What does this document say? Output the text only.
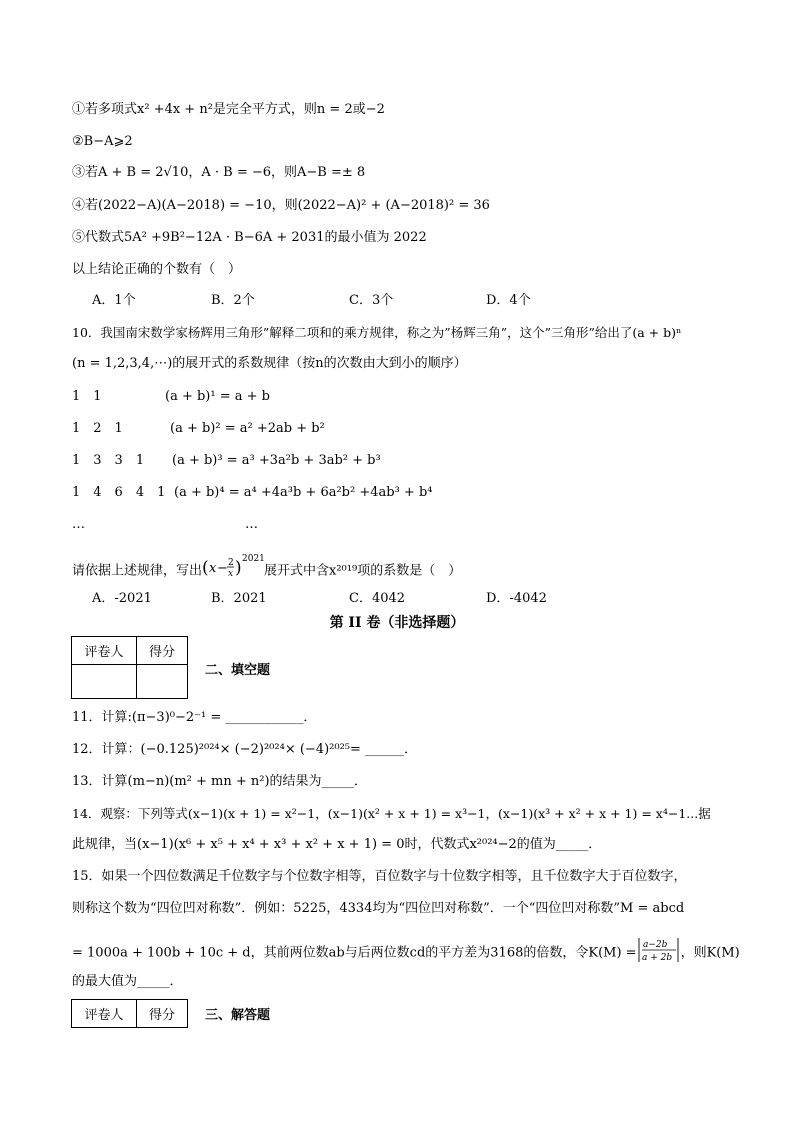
①若多项式x² +4x + n²是完全平方式，则n = 2或−2
②B−A⩾2
③若A + B = 2√10，A · B = −6，则A−B =± 8
④若(2022−A)(A−2018) = −10，则(2022−A)² + (A−2018)² = 36
⑤代数式5A² +9B²−12A · B−6A + 2031的最小值为 2022
以上结论正确的个数有（　）
A．1个	B．2个	C．3个	D．4个
10．我国南宋数学家杨辉用三角形”解释二项和的乘方规律，称之为”杨辉三角”，这个”三角形”给出了(a + b)ⁿ
(n = 1,2,3,4,⋯)的展开式的系数规律（按n的次数由大到小的顺序）
1　1	(a + b)¹ = a + b
1　2　1	(a + b)² = a² +2ab + b²
1　3　3　1 (a + b)³ = a³ +3a²b + 3ab² + b³
1　4　6　4　1 (a + b)⁴ = a⁴ +4a³b + 6a²b² +4ab³ + b⁴
…	…
请依据上述规律，写出 ( x − 2
x ) 2021
展开式中含x²⁰¹⁹项的系数是（　）
A．-2021	B．2021	C．4042	D．-4042
第 II 卷（非选择题）
评卷人	得分

二、填空题
11．计算:(π−3)⁰−2⁻¹ = ____________．
12．计算：(−0.125)²⁰²⁴× (−2)²⁰²⁴× (−4)²⁰²⁵= ______．
13．计算(m−n)(m² + mn + n²)的结果为_____．
14．观察：下列等式(x−1)(x + 1) = x²−1，(x−1)(x² + x + 1) = x³−1，(x−1)(x³ + x² + x + 1) = x⁴−1...据
此规律，当(x−1)(x⁶ + x⁵ + x⁴ + x³ + x² + x + 1) = 0时，代数式x²⁰²⁴−2的值为_____．
15．如果一个四位数满足千位数字与个位数字相等，百位数字与十位数字相等，且千位数字大于百位数字，
则称这个数为“四位凹对称数”．例如：5225，4334均为“四位凹对称数”．一个“四位凹对称数”M = abcd
= 1000a + 100b + 10c + d，其前两位数ab与后两位数cd的平方差为3168的倍数，令K(M) =
a−2b
a + 2b ，则K(M)
的最大值为_____．
评卷人	得分 三、解答题
